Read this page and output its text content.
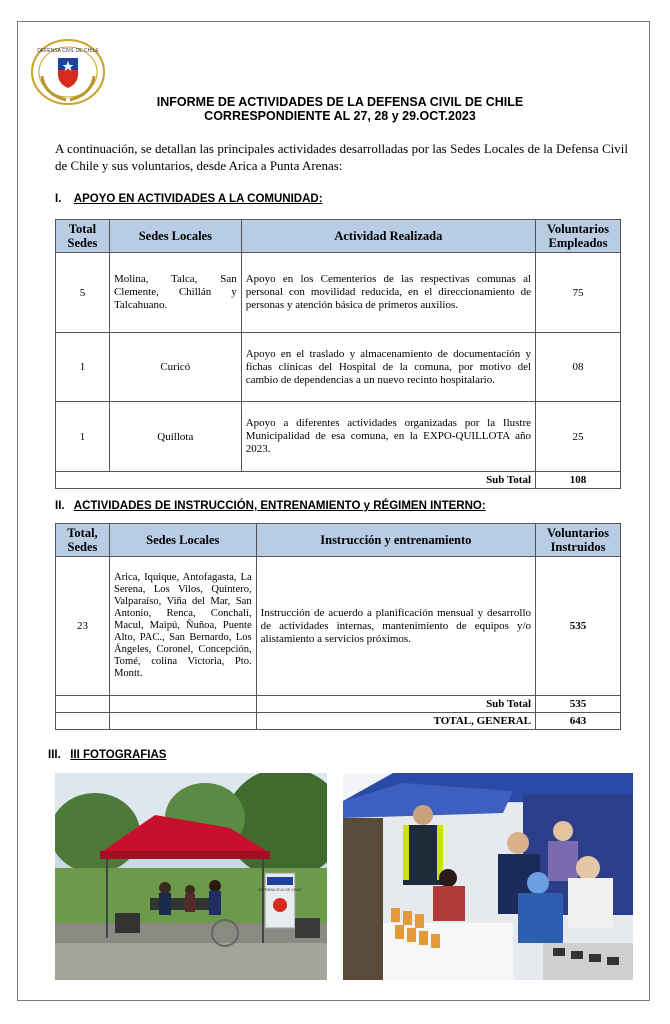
DEFENSA CIVIL DE CHILE
INFORME DE ACTIVIDADES DE LA DEFENSA CIVIL DE CHILE
CORRESPONDIENTE AL 27, 28 y 29.OCT.2023
A continuación, se detallan las principales actividades desarrolladas por las Sedes Locales de la Defensa Civil de Chile y sus voluntarios, desde Arica a Punta Arenas:
I. APOYO EN ACTIVIDADES A LA COMUNIDAD:
Total Sedes	Sedes Locales	Actividad Realizada	Voluntarios Empleados
5	Molina, Talca, San Clemente, Chillán y Talcahuano.	Apoyo en los Cementerios de las respectivas comunas al personal con movilidad reducida, en el direccionamiento de personas y atención básica de primeros auxilios.	75
1	Curicó	Apoyo en el traslado y almacenamiento de documentación y fichas clínicas del Hospital de la comuna, por motivo del cambio de dependencias a un nuevo recinto hospitalario.	08
1	Quillota	Apoyo a diferentes actividades organizadas por la Ilustre Municipalidad de esa comuna, en la EXPO-QUILLOTA año 2023.	25
Sub Total			108
II. ACTIVIDADES DE INSTRUCCIÓN, ENTRENAMIENTO y RÉGIMEN INTERNO:
Total, Sedes	Sedes Locales	Instrucción y entrenamiento	Voluntarios Instruidos
23	Arica, Iquique, Antofagasta, La Serena, Los Vilos, Quintero, Valparaíso, Viña del Mar, San Antonio, Renca, Conchalí, Macul, Maipú, Ñuñoa, Puente Alto, PAC., San Bernardo, Los Ángeles, Coronel, Concepción, Tomé, colina Victoria, Pto. Montt.	Instrucción de acuerdo a planificación mensual y desarrollo de actividades internas, mantenimiento de equipos y/o alistamiento a servicios próximos.	535
		Sub Total	535
		TOTAL, GENERAL	643
III. III FOTOGRAFIAS
DEFENSA CIVIL DE CHILE
